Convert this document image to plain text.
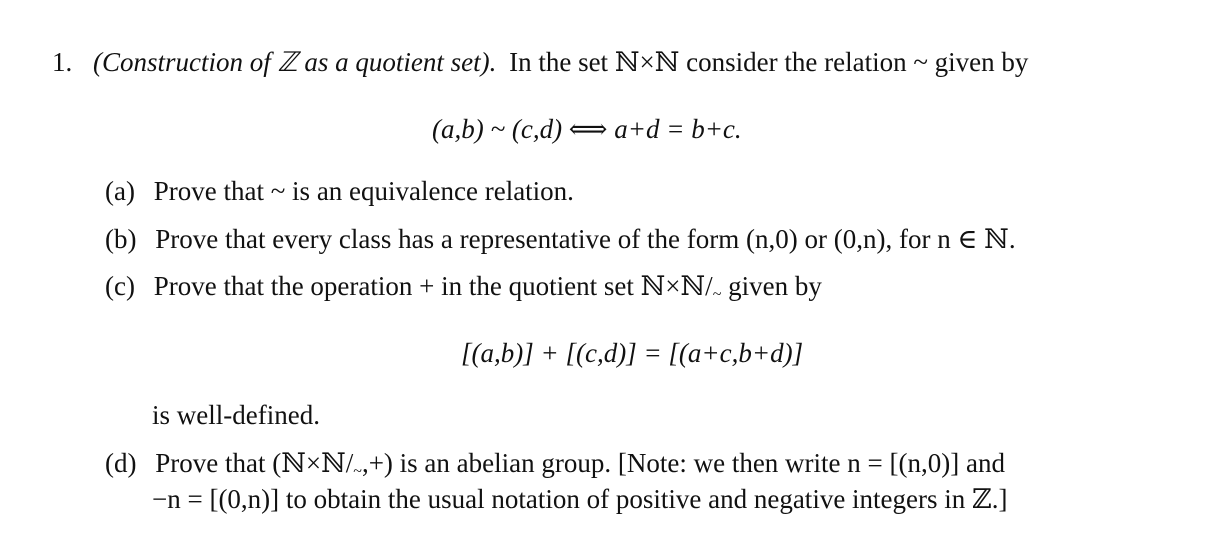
1. (Construction of ℤ as a quotient set). In the set ℕ×ℕ consider the relation ~ given by
(a,b) ~ (c,d) ⟺ a+d = b+c.
(a) Prove that ~ is an equivalence relation.
(b) Prove that every class has a representative of the form (n,0) or (0,n), for n ∈ ℕ.
(c) Prove that the operation + in the quotient set ℕ×ℕ/~ given by
[(a,b)] + [(c,d)] = [(a+c,b+d)]
is well-defined.
(d) Prove that (ℕ×ℕ/~,+) is an abelian group. [Note: we then write n = [(n,0)] and
−n = [(0,n)] to obtain the usual notation of positive and negative integers in ℤ.]
